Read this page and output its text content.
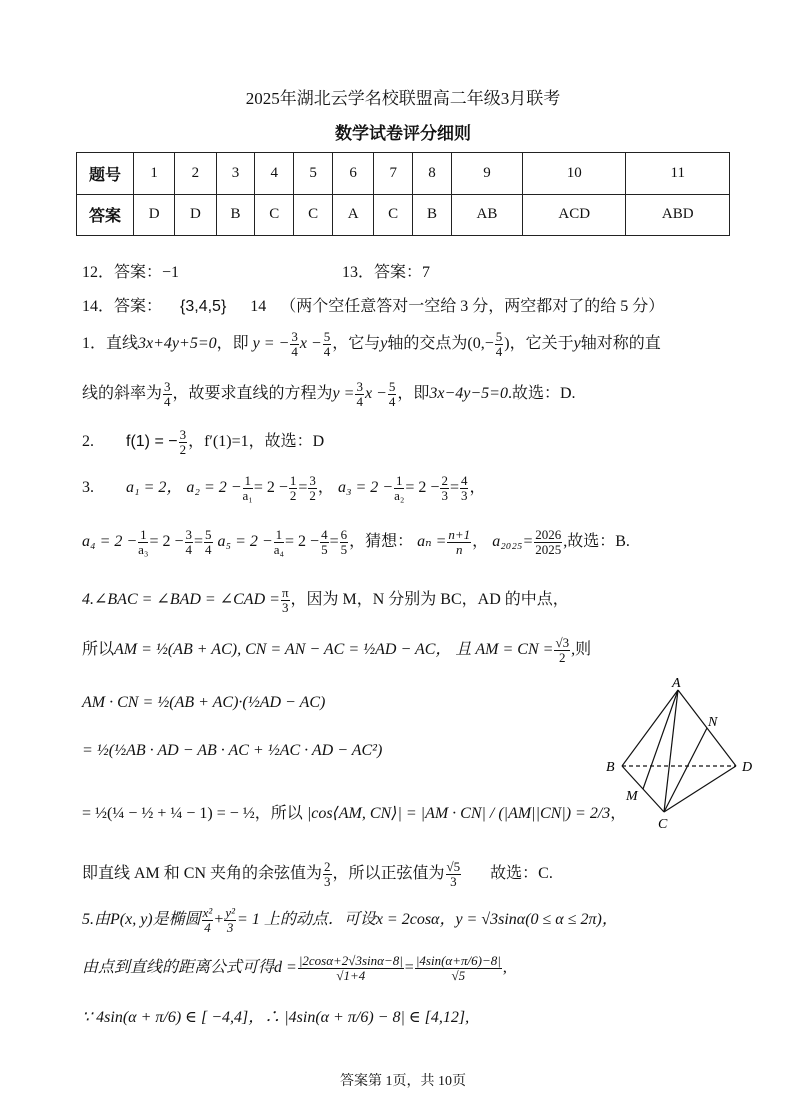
2025年湖北云学名校联盟高二年级3月联考
数学试卷评分细则
题号	1	2	3	4	5	6	7	8	9	10	11
答案	D	D	B	C	C	A	C	B	AB	ACD	ABD
12．答案：−1	13．答案：7
14．答案： {3,4,5} 14 （两个空任意答对一空给 3 分，两空都对了的给 5 分）
1．直线3x+4y+5=0，即 y = − $\frac{3}{4}$ $x - \frac{5}{4}$ ，它与y轴的交点为($0,- \frac{5}{4}$ )，它关于y轴对称的直
线的斜率为 $\frac{3}{4}$ ，故要求直线的方程为$y = \frac{3}{4}$ $x - \frac{5}{4}$ ，即3x−4y−5=0.故选：D.
2. f(1) = − $\frac{3}{2}$ ，f′(1)=1，故选：D
3. a₁ = 2， $a_2 = 2 - \frac{1}{\text{a₁}} = 2 - \frac{1}{2} = \frac{3}{2}$ ， $a_3 = 2 - \frac{1}{\text{a₂}} = 2 - \frac{2}{3} = \frac{4}{3}$ ，
$a_4 = 2 - \frac{1}{\text{a₃}} = 2 - \frac{3}{4} = \frac{5}{4} a_5 = 2 - \frac{1}{\text{a₄}} = 2 - \frac{4}{5} = \frac{6}{5}$ ，猜想： $a_n = \frac{n+1}{n}$ ， $a_{2025}= \frac{2026}{2025}$ ,故选：B.
4.∠BAC = ∠BAD = ∠CAD = $\frac{\pi}{3}$ ，因为 M，N 分别为 BC，AD 的中点，
所以AM = ½(AB + AC), CN = AN − AC = ½AD − AC， 且 AM = CN = $\frac{√3}{2}$ ,则
AM · CN = ½(AB + AC)·(½AD − AC)
= ½(½AB · AD − AB · AC + ½AC · AD − AC²)
= ½(¼ − ½ + ¼ − 1) = − ½，所以 |cos⟨AM, CN⟩| = |AM · CN| / (|AM||CN|) = 2/3，
即直线 AM 和 CN 夹角的余弦值为 $\frac{2}{3}$ ，所以正弦值为 $\frac{√5}{3}$ 故选：C.
A
N
B	D
M
C
5.由P(x, y)是椭圆 $\frac{\text{x²}}{4} + \frac{\text{y²}}{3} = 1$ 上的动点．可设x = 2cosα，y = √3sinα(0 ≤ α ≤ 2π)，
由点到直线的距离公式可得$d = \frac{|2\cos\alpha+2√3\sin\alpha-8|}{√1+4} = \frac{|4\sin(\alpha+\pi/6)-8|}{√5}$ ,
∵ 4sin(α + π/6) ∈ [ −4,4]，∴ |4sin(α + π/6) − 8| ∈ [4,12],
答案第 1页，共 10页
